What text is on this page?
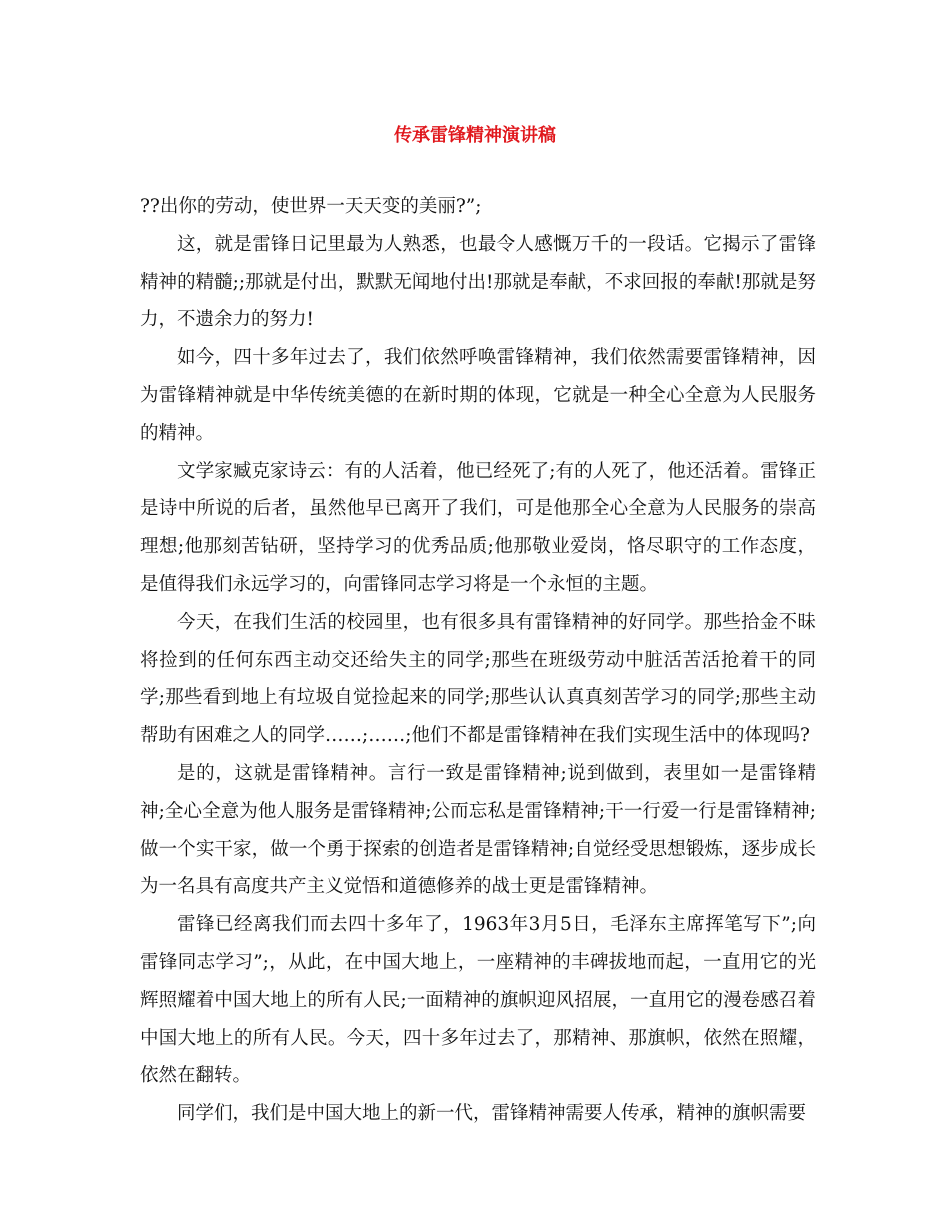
传承雷锋精神演讲稿

??出你的劳动，使世界一天天变的美丽?”;

这，就是雷锋日记里最为人熟悉，也最令人感慨万千的一段话。它揭示了雷锋精神的精髓;;那就是付出，默默无闻地付出!那就是奉献，不求回报的奉献!那就是努力，不遗余力的努力!

如今，四十多年过去了，我们依然呼唤雷锋精神，我们依然需要雷锋精神，因为雷锋精神就是中华传统美德的在新时期的体现，它就是一种全心全意为人民服务的精神。

文学家臧克家诗云：有的人活着，他已经死了;有的人死了，他还活着。雷锋正是诗中所说的后者，虽然他早已离开了我们，可是他那全心全意为人民服务的崇高理想;他那刻苦钻研，坚持学习的优秀品质;他那敬业爱岗，恪尽职守的工作态度，是值得我们永远学习的，向雷锋同志学习将是一个永恒的主题。

今天，在我们生活的校园里，也有很多具有雷锋精神的好同学。那些拾金不昧将捡到的任何东西主动交还给失主的同学;那些在班级劳动中脏活苦活抢着干的同学;那些看到地上有垃圾自觉捡起来的同学;那些认认真真刻苦学习的同学;那些主动帮助有困难之人的同学……;……;他们不都是雷锋精神在我们实现生活中的体现吗?

是的，这就是雷锋精神。言行一致是雷锋精神;说到做到，表里如一是雷锋精神;全心全意为他人服务是雷锋精神;公而忘私是雷锋精神;干一行爱一行是雷锋精神;做一个实干家，做一个勇于探索的创造者是雷锋精神;自觉经受思想锻炼，逐步成长为一名具有高度共产主义觉悟和道德修养的战士更是雷锋精神。

雷锋已经离我们而去四十多年了，1963年3月5日，毛泽东主席挥笔写下”;向雷锋同志学习”;，从此，在中国大地上，一座精神的丰碑拔地而起，一直用它的光辉照耀着中国大地上的所有人民;一面精神的旗帜迎风招展，一直用它的漫卷感召着中国大地上的所有人民。今天，四十多年过去了，那精神、那旗帜，依然在照耀，依然在翻转。

同学们，我们是中国大地上的新一代，雷锋精神需要人传承，精神的旗帜需要
